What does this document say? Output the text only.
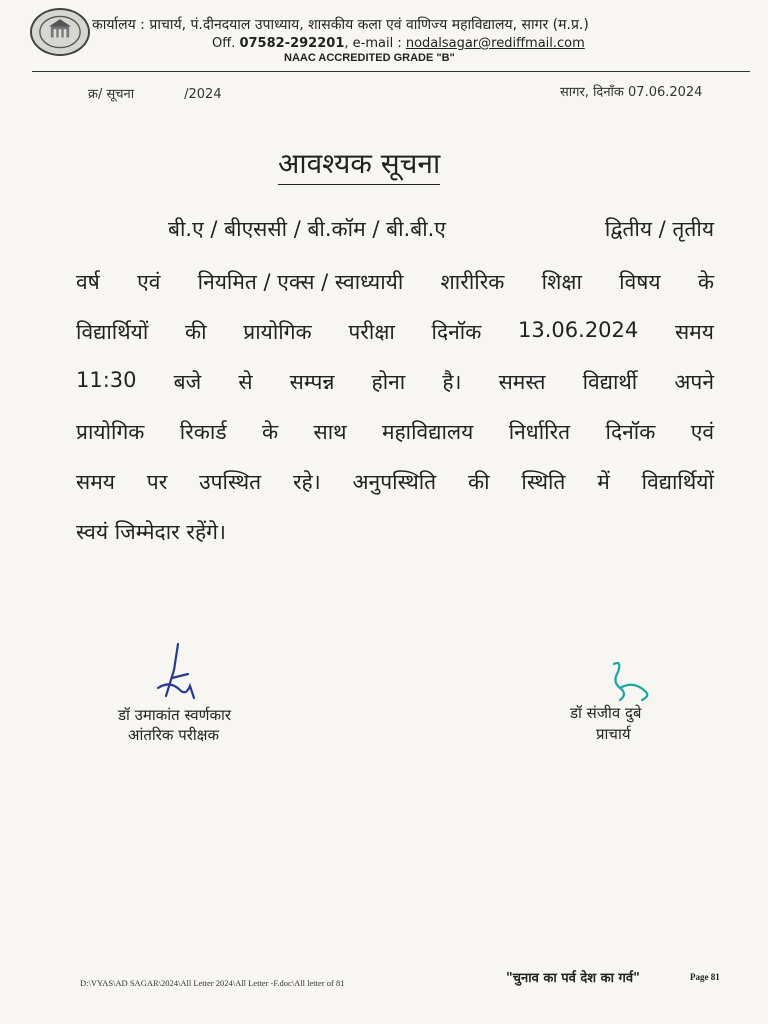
कार्यालय : प्राचार्य, पं.दीनदयाल उपाध्याय, शासकीय कला एवं वाणिज्य महाविद्यालय, सागर (म.प्र.)
Off. 07582-292201, e-mail : nodalsagar@rediffmail.com
NAAC ACCREDITED GRADE "B"
क्र/ सूचना	/2024	सागर, दिनाँक 07.06.2024
आवश्यक सूचना
बी.ए / बीएससी / बी.कॉम / बी.बी.ए	द्वितीय / तृतीय
वर्ष एवं नियमित / एक्स / स्वाध्यायी शारीरिक शिक्षा विषय के
विद्यार्थियों की प्रायोगिक परीक्षा दिनॉक 13.06.2024 समय
11:30 बजे से सम्पन्न होना है। समस्त विद्यार्थी अपने
प्रायोगिक रिकार्ड के साथ महाविद्यालय निर्धारित दिनॉक एवं
समय पर उपस्थित रहे। अनुपस्थिति की स्थिति में विद्यार्थियों
स्वयं जिम्मेदार रहेंगे।
डॉ उमाकांत स्वर्णकार
आंतरिक परीक्षक
डॉ संजीव दुबे
प्राचार्य
D:\VYAS\AD SAGAR\2024\All Letter 2024\All Letter -F.doc\All letter of 81	"चुनाव का पर्व देश का गर्व"	Page 81
